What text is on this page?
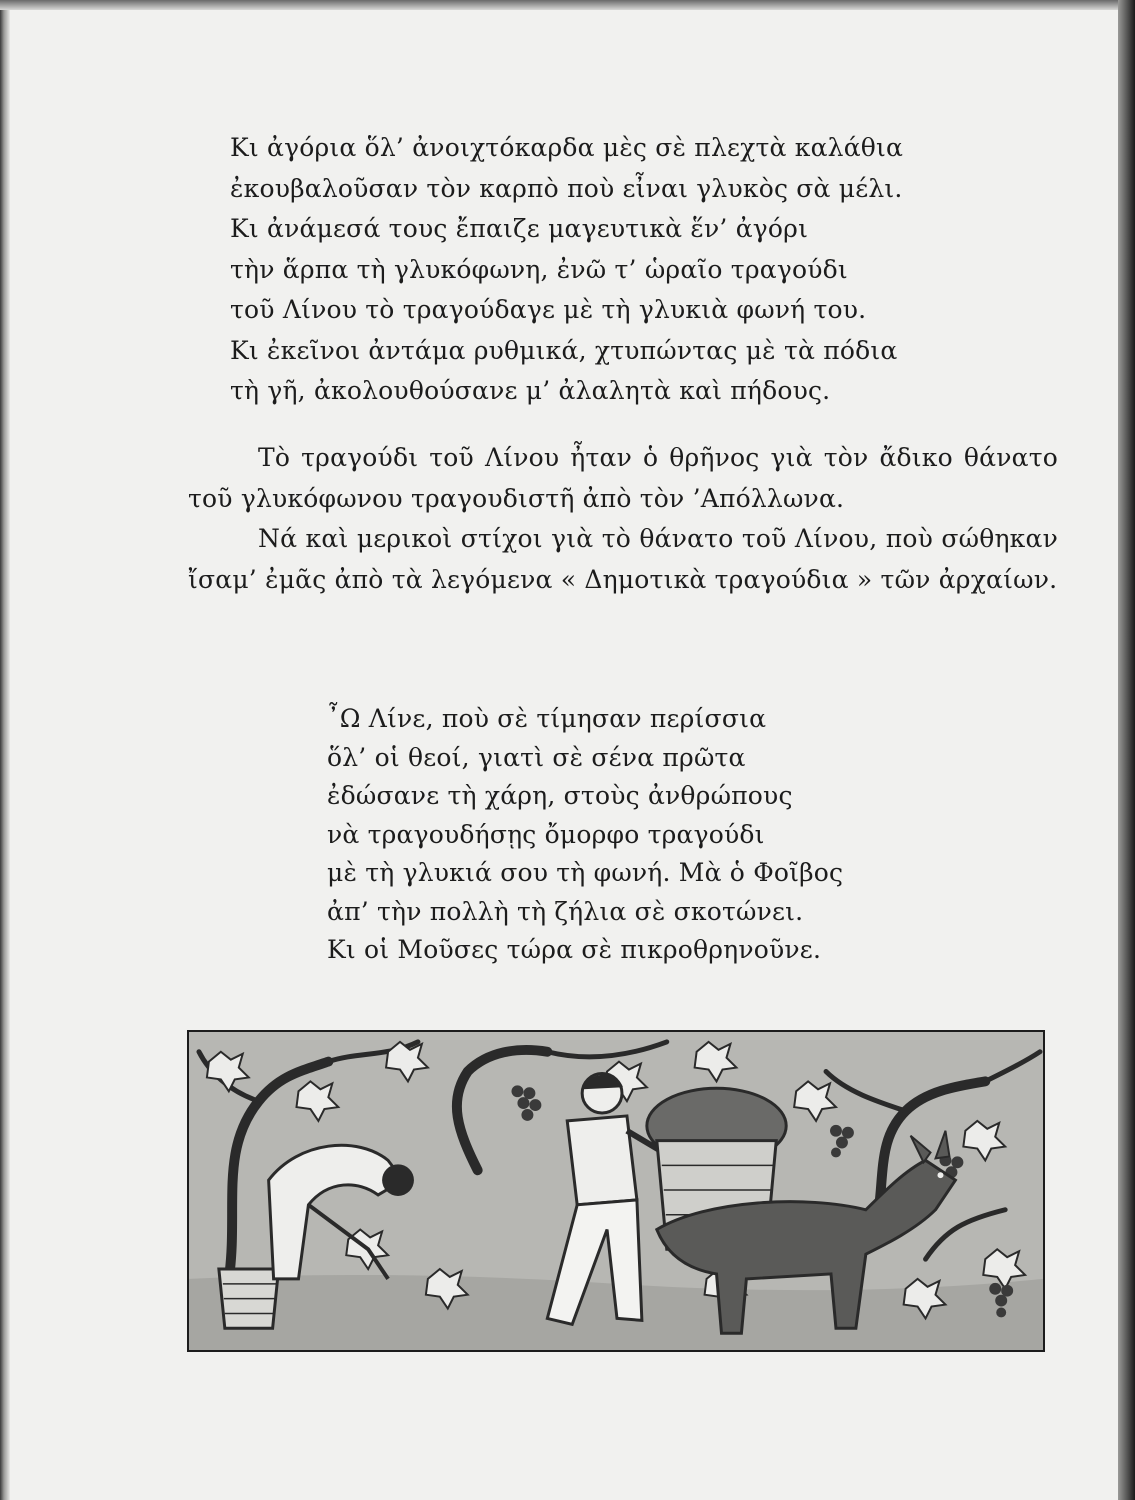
Κι ἀγόρια ὅλ’ ἀνοιχτόκαρδα μὲς σὲ πλεχτὰ καλάθια
ἐκουβαλοῦσαν τὸν καρπὸ ποὺ εἶναι γλυκὸς σὰ μέλι.
Κι ἀνάμεσά τους ἔπαιζε μαγευτικὰ ἕν’ ἀγόρι
τὴν ἅρπα τὴ γλυκόφωνη, ἐνῶ τ’ ὡραῖο τραγούδι
τοῦ Λίνου τὸ τραγούδαγε μὲ τὴ γλυκιὰ φωνή του.
Κι ἐκεῖνοι ἀντάμα ρυθμικά, χτυπώντας μὲ τὰ πόδια
τὴ γῆ, ἀκολουθούσανε μ’ ἀλαλητὰ καὶ πήδους.

Τὸ τραγούδι τοῦ Λίνου ἦταν ὁ θρῆνος γιὰ τὸν ἄδικο θάνατο τοῦ γλυκόφωνου τραγουδιστῆ ἀπὸ τὸν ’Απόλλωνα.

Νά καὶ μερικοὶ στίχοι γιὰ τὸ θάνατο τοῦ Λίνου, ποὺ σώθηκαν ἴσαμ’ ἐμᾶς ἀπὸ τὰ λεγόμενα « Δημοτικὰ τραγούδια » τῶν ἀρχαίων.

῏Ω Λίνε, ποὺ σὲ τίμησαν περίσσια
ὅλ’ οἱ θεοί, γιατὶ σὲ σένα πρῶτα
ἐδώσανε τὴ χάρη, στοὺς ἀνθρώπους
νὰ τραγουδήσῃς ὄμορφο τραγούδι
μὲ τὴ γλυκιά σου τὴ φωνή. Μὰ ὁ Φοῖβος
ἀπ’ τὴν πολλὴ τὴ ζήλια σὲ σκοτώνει.
Κι οἱ Μοῦσες τώρα σὲ πικροθρηνοῦνε.
